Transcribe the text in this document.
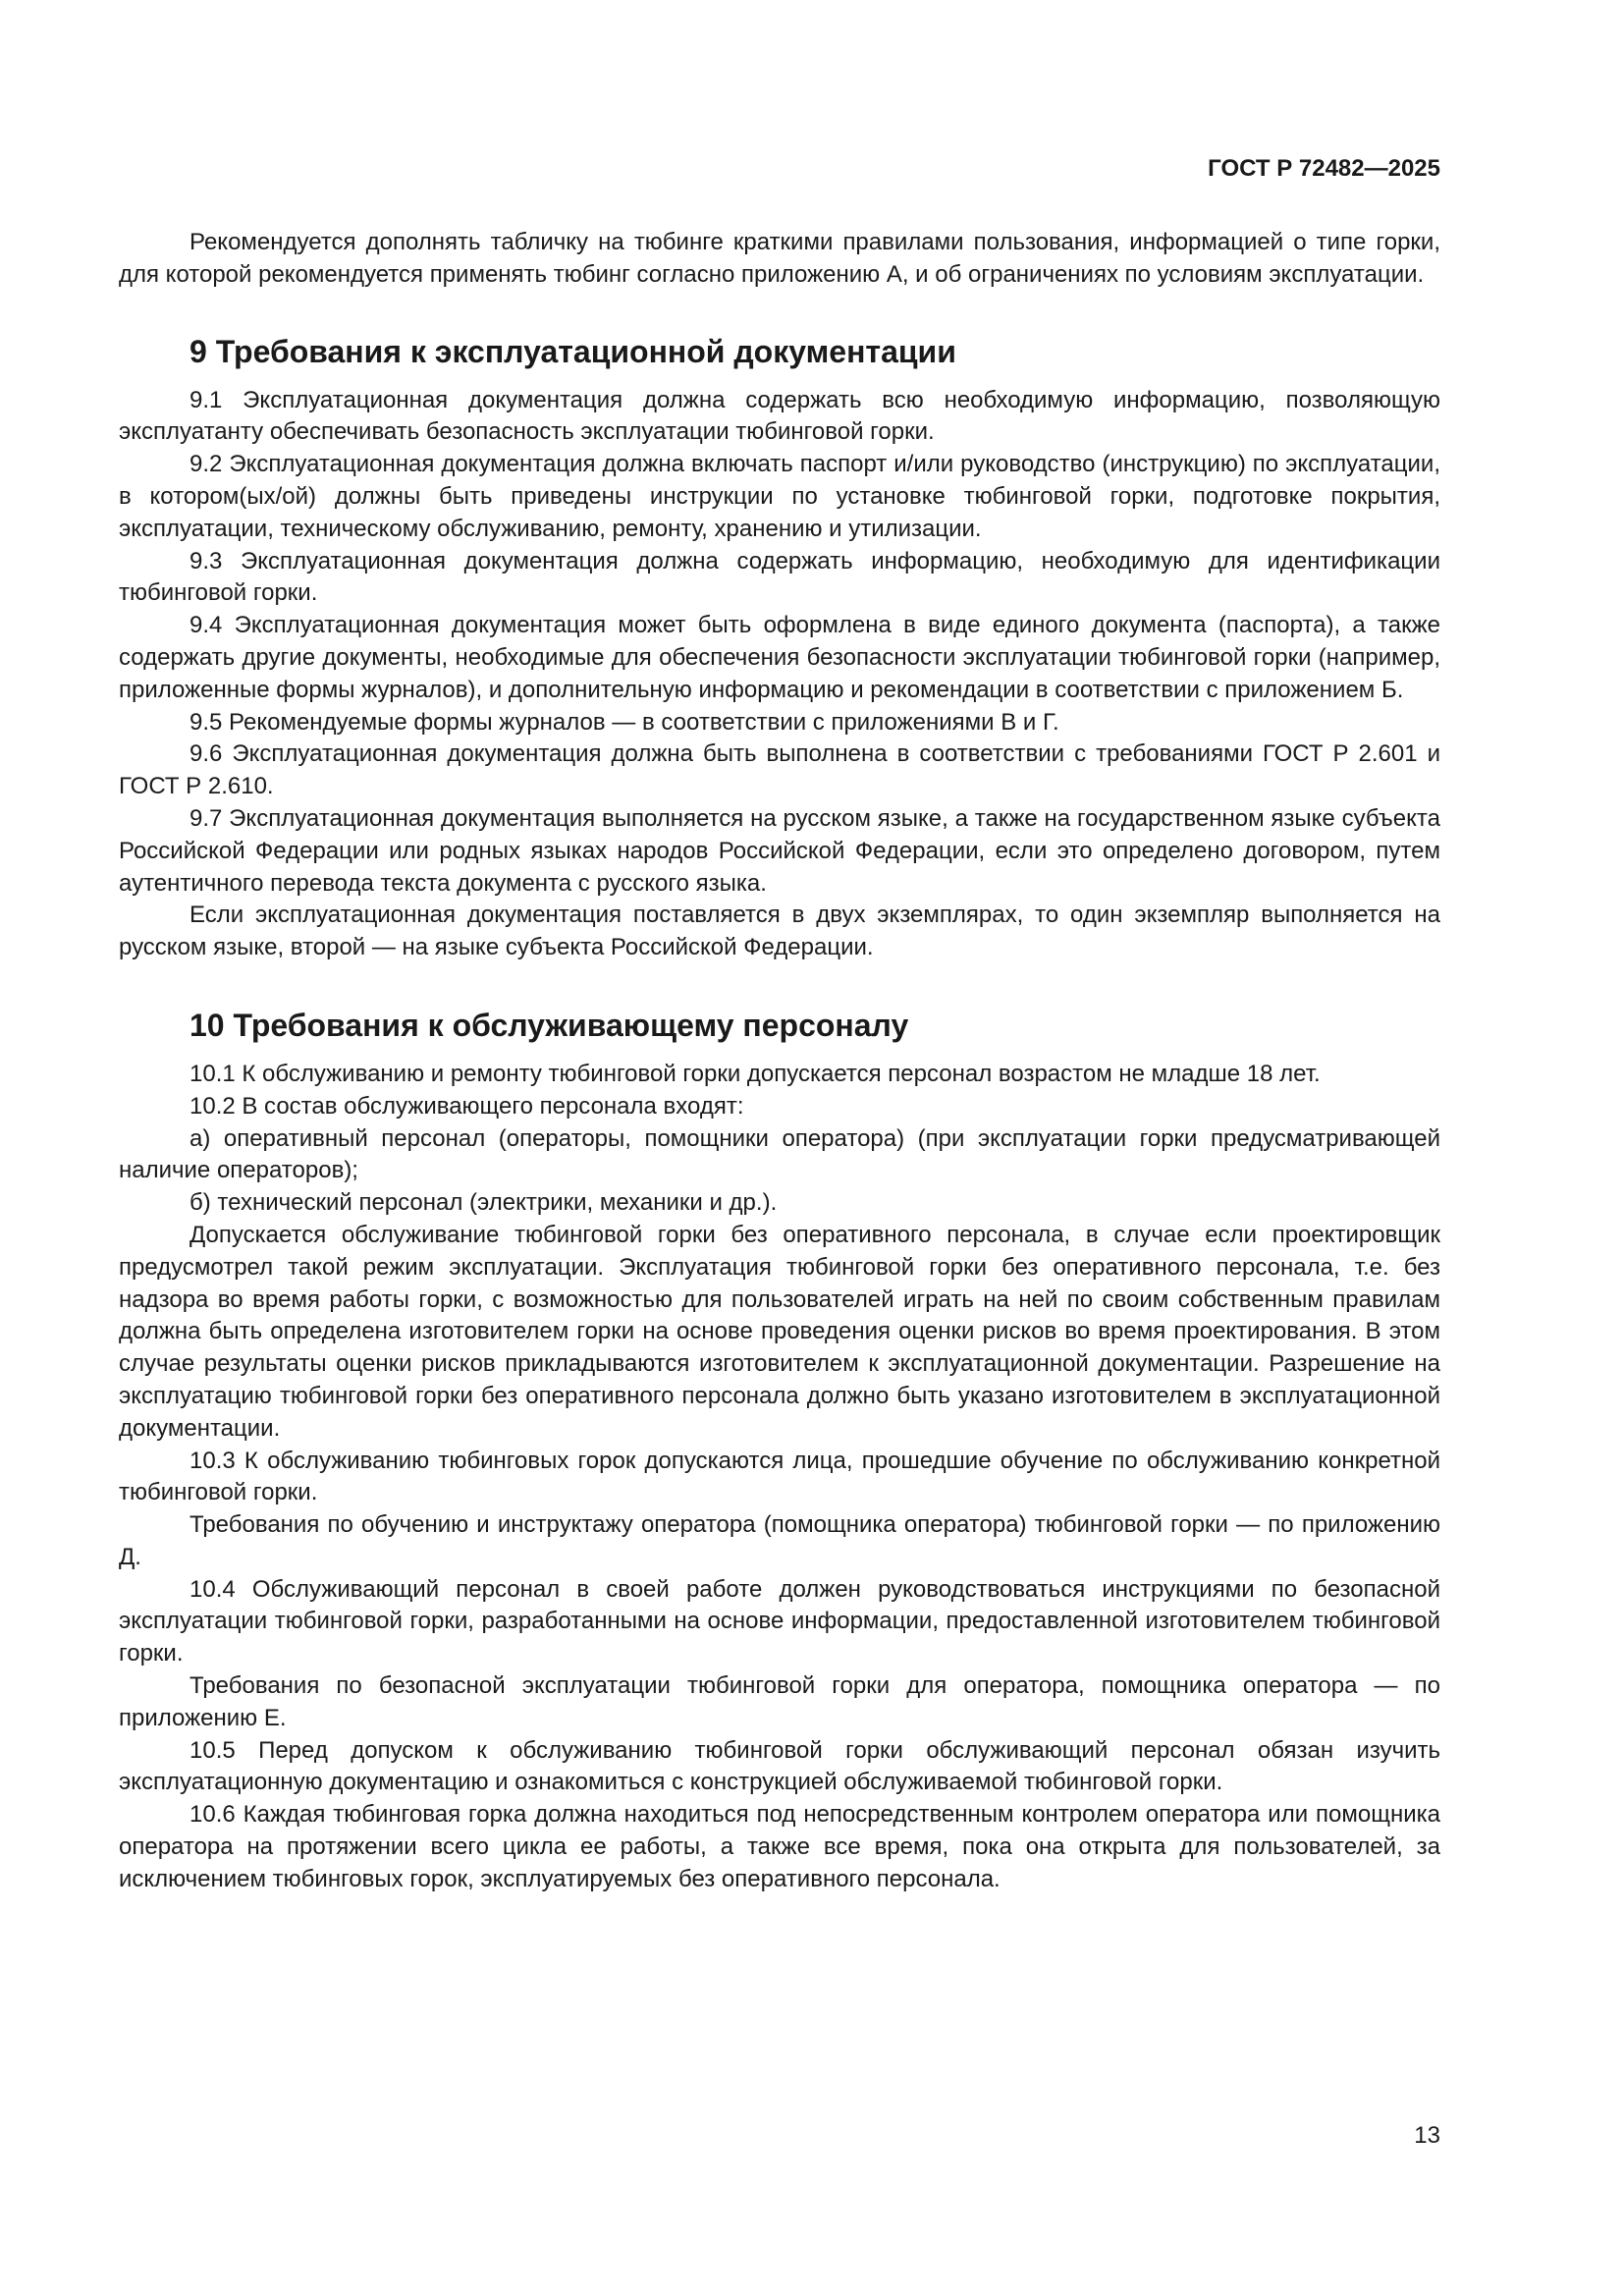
ГОСТ Р 72482—2025

Рекомендуется дополнять табличку на тюбинге краткими правилами пользования, информацией о типе горки, для которой рекомендуется применять тюбинг согласно приложению А, и об ограничениях по условиям эксплуатации.

9 Требования к эксплуатационной документации

9.1 Эксплуатационная документация должна содержать всю необходимую информацию, позволяющую эксплуатанту обеспечивать безопасность эксплуатации тюбинговой горки.

9.2 Эксплуатационная документация должна включать паспорт и/или руководство (инструкцию) по эксплуатации, в котором(ых/ой) должны быть приведены инструкции по установке тюбинговой горки, подготовке покрытия, эксплуатации, техническому обслуживанию, ремонту, хранению и утилизации.

9.3 Эксплуатационная документация должна содержать информацию, необходимую для идентификации тюбинговой горки.

9.4 Эксплуатационная документация может быть оформлена в виде единого документа (паспорта), а также содержать другие документы, необходимые для обеспечения безопасности эксплуатации тюбинговой горки (например, приложенные формы журналов), и дополнительную информацию и рекомендации в соответствии с приложением Б.

9.5 Рекомендуемые формы журналов — в соответствии с приложениями В и Г.

9.6 Эксплуатационная документация должна быть выполнена в соответствии с требованиями ГОСТ Р 2.601 и ГОСТ Р 2.610.

9.7 Эксплуатационная документация выполняется на русском языке, а также на государственном языке субъекта Российской Федерации или родных языках народов Российской Федерации, если это определено договором, путем аутентичного перевода текста документа с русского языка.

Если эксплуатационная документация поставляется в двух экземплярах, то один экземпляр выполняется на русском языке, второй — на языке субъекта Российской Федерации.

10 Требования к обслуживающему персоналу

10.1 К обслуживанию и ремонту тюбинговой горки допускается персонал возрастом не младше 18 лет.

10.2 В состав обслуживающего персонала входят:

а) оперативный персонал (операторы, помощники оператора) (при эксплуатации горки предусматривающей наличие операторов);

б) технический персонал (электрики, механики и др.).

Допускается обслуживание тюбинговой горки без оперативного персонала, в случае если проектировщик предусмотрел такой режим эксплуатации. Эксплуатация тюбинговой горки без оперативного персонала, т.е. без надзора во время работы горки, с возможностью для пользователей играть на ней по своим собственным правилам должна быть определена изготовителем горки на основе проведения оценки рисков во время проектирования. В этом случае результаты оценки рисков прикладываются изготовителем к эксплуатационной документации. Разрешение на эксплуатацию тюбинговой горки без оперативного персонала должно быть указано изготовителем в эксплуатационной документации.

10.3 К обслуживанию тюбинговых горок допускаются лица, прошедшие обучение по обслуживанию конкретной тюбинговой горки.

Требования по обучению и инструктажу оператора (помощника оператора) тюбинговой горки — по приложению Д.

10.4 Обслуживающий персонал в своей работе должен руководствоваться инструкциями по безопасной эксплуатации тюбинговой горки, разработанными на основе информации, предоставленной изготовителем тюбинговой горки.

Требования по безопасной эксплуатации тюбинговой горки для оператора, помощника оператора — по приложению Е.

10.5 Перед допуском к обслуживанию тюбинговой горки обслуживающий персонал обязан изучить эксплуатационную документацию и ознакомиться с конструкцией обслуживаемой тюбинговой горки.

10.6 Каждая тюбинговая горка должна находиться под непосредственным контролем оператора или помощника оператора на протяжении всего цикла ее работы, а также все время, пока она открыта для пользователей, за исключением тюбинговых горок, эксплуатируемых без оперативного персонала.

13
